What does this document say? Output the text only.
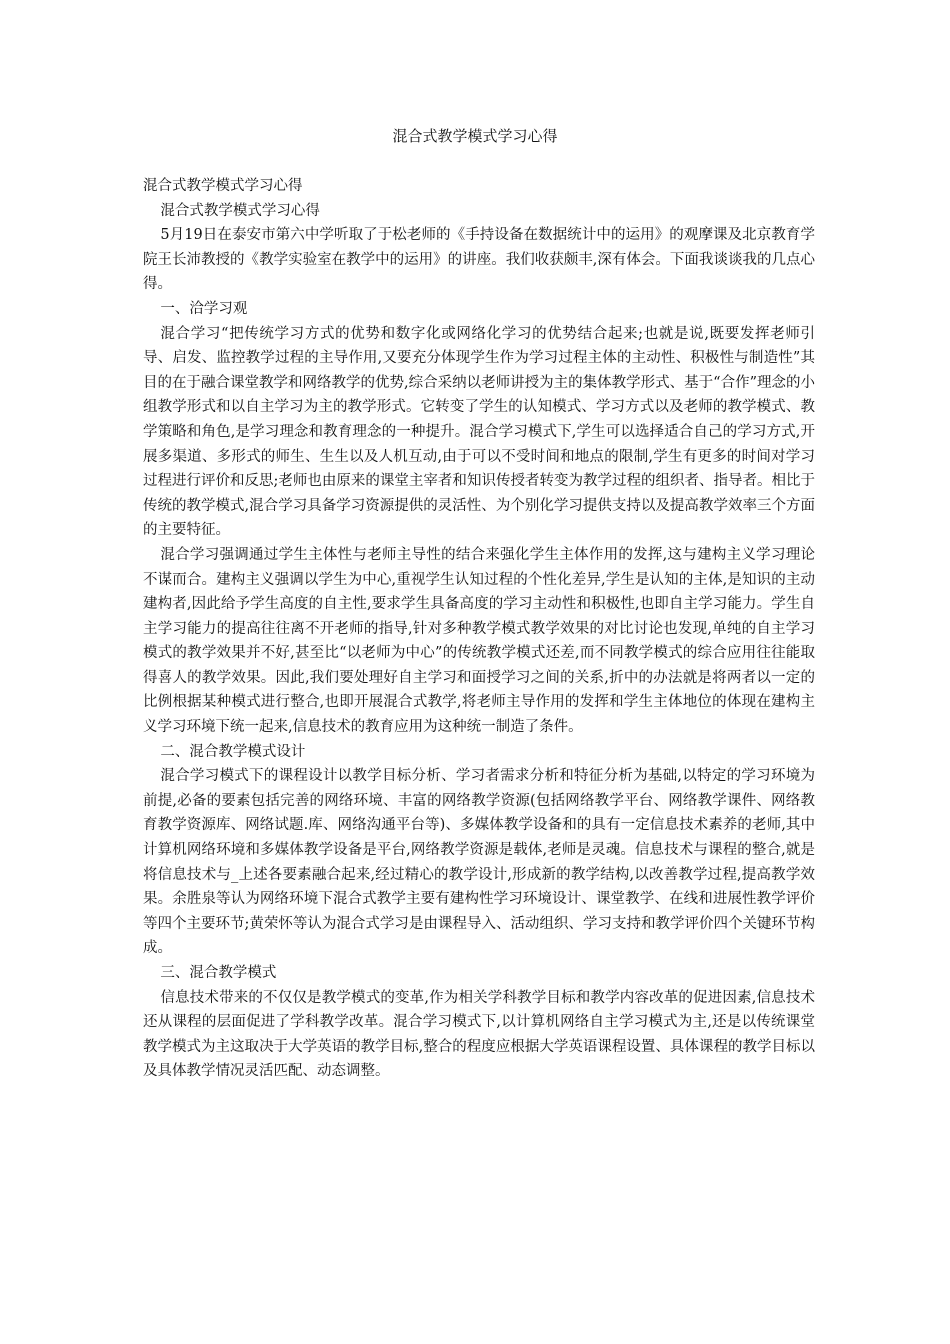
混合式教学模式学习心得

混合式教学模式学习心得

混合式教学模式学习心得

5月19日在泰安市第六中学听取了于松老师的《手持设备在数据统计中的运用》的观摩课及北京教育学院王长沛教授的《教学实验室在教学中的运用》的讲座。我们收获颇丰,深有体会。下面我谈谈我的几点心得。

一、洽学习观

混合学习“把传统学习方式的优势和数字化或网络化学习的优势结合起来;也就是说,既要发挥老师引导、启发、监控教学过程的主导作用,又要充分体现学生作为学习过程主体的主动性、积极性与制造性”其目的在于融合课堂教学和网络教学的优势,综合采纳以老师讲授为主的集体教学形式、基于“合作”理念的小组教学形式和以自主学习为主的教学形式。它转变了学生的认知模式、学习方式以及老师的教学模式、教学策略和角色,是学习理念和教育理念的一种提升。混合学习模式下,学生可以选择适合自己的学习方式,开展多渠道、多形式的师生、生生以及人机互动,由于可以不受时间和地点的限制,学生有更多的时间对学习过程进行评价和反思;老师也由原来的课堂主宰者和知识传授者转变为教学过程的组织者、指导者。相比于传统的教学模式,混合学习具备学习资源提供的灵活性、为个别化学习提供支持以及提高教学效率三个方面的主要特征。

混合学习强调通过学生主体性与老师主导性的结合来强化学生主体作用的发挥,这与建构主义学习理论不谋而合。建构主义强调以学生为中心,重视学生认知过程的个性化差异,学生是认知的主体,是知识的主动建构者,因此给予学生高度的自主性,要求学生具备高度的学习主动性和积极性,也即自主学习能力。学生自主学习能力的提高往往离不开老师的指导,针对多种教学模式教学效果的对比讨论也发现,单纯的自主学习模式的教学效果并不好,甚至比“以老师为中心”的传统教学模式还差,而不同教学模式的综合应用往往能取得喜人的教学效果。因此,我们要处理好自主学习和面授学习之间的关系,折中的办法就是将两者以一定的比例根据某种模式进行整合,也即开展混合式教学,将老师主导作用的发挥和学生主体地位的体现在建构主义学习环境下统一起来,信息技术的教育应用为这种统一制造了条件。

二、混合教学模式设计

混合学习模式下的课程设计以教学目标分析、学习者需求分析和特征分析为基础,以特定的学习环境为前提,必备的要素包括完善的网络环境、丰富的网络教学资源(包括网络教学平台、网络教学课件、网络教育教学资源库、网络试题.库、网络沟通平台等)、多媒体教学设备和的具有一定信息技术素养的老师,其中计算机网络环境和多媒体教学设备是平台,网络教学资源是载体,老师是灵魂。信息技术与课程的整合,就是将信息技术与_上述各要素融合起来,经过精心的教学设计,形成新的教学结构,以改善教学过程,提高教学效果。余胜泉等认为网络环境下混合式教学主要有建构性学习环境设计、课堂教学、在线和进展性教学评价等四个主要环节;黄荣怀等认为混合式学习是由课程导入、活动组织、学习支持和教学评价四个关键环节构成。

三、混合教学模式

信息技术带来的不仅仅是教学模式的变革,作为相关学科教学目标和教学内容改革的促进因素,信息技术还从课程的层面促进了学科教学改革。混合学习模式下,以计算机网络自主学习模式为主,还是以传统课堂教学模式为主这取决于大学英语的教学目标,整合的程度应根据大学英语课程设置、具体课程的教学目标以及具体教学情况灵活匹配、动态调整。
